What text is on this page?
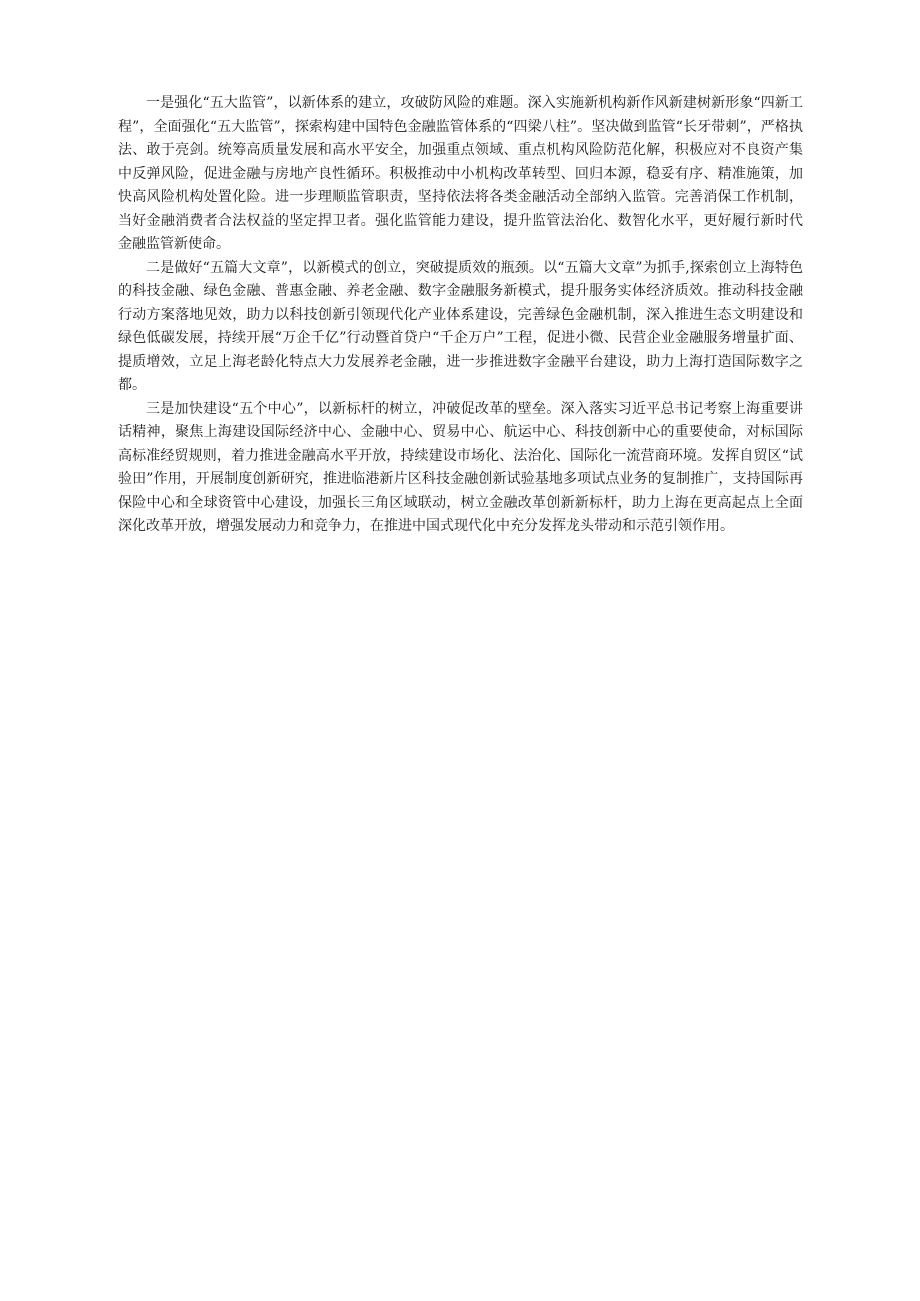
一是强化“五大监管”，以新体系的建立，攻破防风险的难题。深入实施新机构新作风新建树新形象“四新工程”，全面强化“五大监管”，探索构建中国特色金融监管体系的“四梁八柱”。坚决做到监管“长牙带刺”，严格执法、敢于亮剑。统筹高质量发展和高水平安全，加强重点领域、重点机构风险防范化解，积极应对不良资产集中反弹风险，促进金融与房地产良性循环。积极推动中小机构改革转型、回归本源，稳妥有序、精准施策，加快高风险机构处置化险。进一步理顺监管职责，坚持依法将各类金融活动全部纳入监管。完善消保工作机制，当好金融消费者合法权益的坚定捍卫者。强化监管能力建设，提升监管法治化、数智化水平，更好履行新时代金融监管新使命。

二是做好“五篇大文章”，以新模式的创立，突破提质效的瓶颈。以“五篇大文章”为抓手,探索创立上海特色的科技金融、绿色金融、普惠金融、养老金融、数字金融服务新模式，提升服务实体经济质效。推动科技金融行动方案落地见效，助力以科技创新引领现代化产业体系建设，完善绿色金融机制，深入推进生态文明建设和绿色低碳发展，持续开展“万企千亿”行动暨首贷户“千企万户”工程，促进小微、民营企业金融服务增量扩面、提质增效，立足上海老龄化特点大力发展养老金融，进一步推进数字金融平台建设，助力上海打造国际数字之都。

三是加快建设“五个中心”，以新标杆的树立，冲破促改革的壁垒。深入落实习近平总书记考察上海重要讲话精神，聚焦上海建设国际经济中心、金融中心、贸易中心、航运中心、科技创新中心的重要使命，对标国际高标准经贸规则，着力推进金融高水平开放，持续建设市场化、法治化、国际化一流营商环境。发挥自贸区“试验田”作用，开展制度创新研究，推进临港新片区科技金融创新试验基地多项试点业务的复制推广，支持国际再保险中心和全球资管中心建设，加强长三角区域联动，树立金融改革创新新标杆，助力上海在更高起点上全面深化改革开放，增强发展动力和竞争力，在推进中国式现代化中充分发挥龙头带动和示范引领作用。
